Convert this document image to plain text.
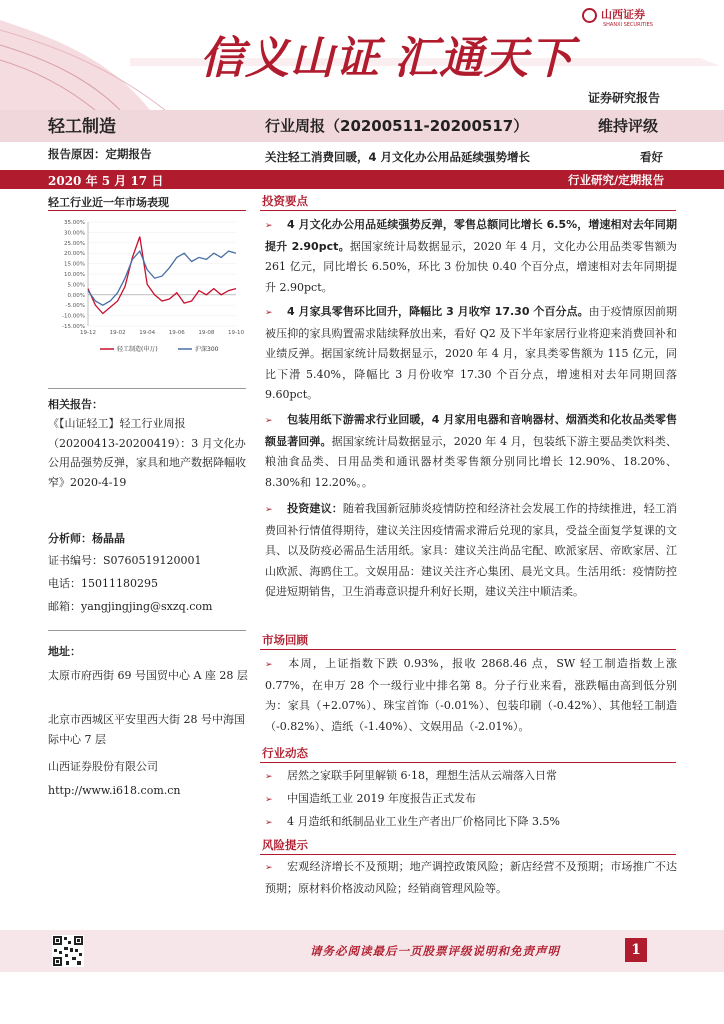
信义山证 汇通天下
山西证券
SHANXI SECURITIES
证券研究报告
轻工制造	行业周报（20200511-20200517）	维持评级
报告原因：定期报告	关注轻工消费回暖，4 月文化办公用品延续强势增长	看好
2020 年 5 月 17 日	行业研究/定期报告
轻工行业近一年市场表现
35.00%
30.00%
25.00%
20.00%
15.00%
10.00%
5.00%
0.00%
-5.00%
-10.00%
-15.00%
19-12 19-02 19-04 19-06 19-08 19-10
轻工制造(申万)	沪深300
相关报告：
《【山证轻工】轻工行业周报（20200413-20200419）：3 月文化办公用品强势反弹，家具和地产数据降幅收窄》2020-4-19
分析师：杨晶晶
证书编号：S0760519120001
电话：15011180295
邮箱：yangjingjing@sxzq.com
地址：
太原市府西街 69 号国贸中心 A 座 28 层
北京市西城区平安里西大街 28 号中海国际中心 7 层
山西证券股份有限公司
http://www.i618.com.cn
投资要点
➢ 4 月文化办公用品延续强势反弹，零售总额同比增长 6.5%，增速相对去年同期提升 2.90pct。据国家统计局数据显示，2020 年 4 月，文化办公用品类零售额为 261 亿元，同比增长 6.50%，环比 3 份加快 0.40 个百分点，增速相对去年同期提升 2.90pct。
➢ 4 月家具零售环比回升，降幅比 3 月收窄 17.30 个百分点。由于疫情原因前期被压抑的家具购置需求陆续释放出来，看好 Q2 及下半年家居行业将迎来消费回补和业绩反弹。据国家统计局数据显示，2020 年 4 月，家具类零售额为 115 亿元，同比下滑 5.40%，降幅比 3 月份收窄 17.30 个百分点，增速相对去年同期回落 9.60pct。
➢ 包装用纸下游需求行业回暖，4 月家用电器和音响器材、烟酒类和化妆品类零售额显著回弹。据国家统计局数据显示，2020 年 4 月，包装纸下游主要品类饮料类、粮油食品类、日用品类和通讯器材类零售额分别同比增长 12.90%、18.20%、8.30%和 12.20%。。
➢ 投资建议：随着我国新冠肺炎疫情防控和经济社会发展工作的持续推进，轻工消费回补行情值得期待，建议关注因疫情需求滞后兑现的家具，受益全面复学复课的文具、以及防疫必需品生活用纸。家具：建议关注尚品宅配、欧派家居、帝欧家居、江山欧派、海鸥住工。文娱用品：建议关注齐心集团、晨光文具。生活用纸：疫情防控促进短期销售，卫生消毒意识提升利好长期，建议关注中顺洁柔。
市场回顾
➢ 本周，上证指数下跌 0.93%，报收 2868.46 点，SW 轻工制造指数上涨 0.77%，在申万 28 个一级行业中排名第 8。分子行业来看，涨跌幅由高到低分别为：家具（+2.07%）、珠宝首饰（-0.01%）、包装印刷（-0.42%）、其他轻工制造（-0.82%）、造纸（-1.40%）、文娱用品（-2.01%）。
行业动态
➢ 居然之家联手阿里解锁 6·18，理想生活从云端落入日常
➢ 中国造纸工业 2019 年度报告正式发布
➢ 4 月造纸和纸制品业工业生产者出厂价格同比下降 3.5%
风险提示
➢ 宏观经济增长不及预期；地产调控政策风险；新店经营不及预期；市场推广不达预期；原材料价格波动风险；经销商管理风险等。
请务必阅读最后一页股票评级说明和免责声明	1
